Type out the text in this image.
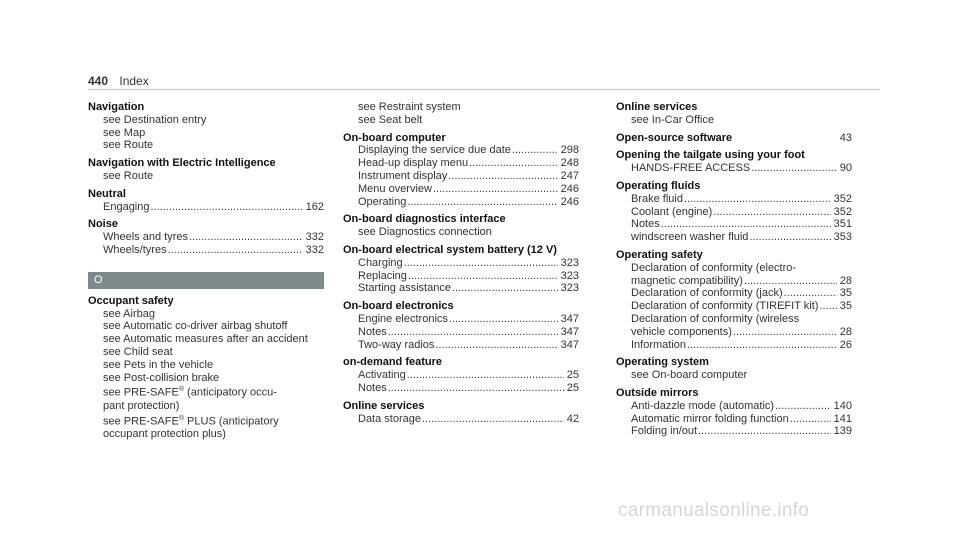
440 Index
Navigation
see Destination entry
see Map
see Route
Navigation with Electric Intelligence
see Route
Neutral
Engaging .....	162
Noise
Wheels and tyres .....	332
Wheels/tyres .....	332
O
Occupant safety
see Airbag
see Automatic co-driver airbag shutoff
see Automatic measures after an accident
see Child seat
see Pets in the vehicle
see Post-collision brake
see PRE-SAFE® (anticipatory occu-
pant protection)
see PRE-SAFE® PLUS (anticipatory
occupant protection plus)
see Restraint system
see Seat belt
On-board computer
Displaying the service due date .....	298
Head-up display menu .....	248
Instrument display .....	247
Menu overview .....	246
Operating .....	246
On-board diagnostics interface
see Diagnostics connection
On-board electrical system battery (12 V)
Charging .....	323
Replacing .....	323
Starting assistance .....	323
On-board electronics
Engine electronics .....	347
Notes .....	347
Two-way radios .....	347
on-demand feature
Activating .....	25
Notes .....	25
Online services
Data storage .....	42
Online services
see In-Car Office
Open-source software	43
Opening the tailgate using your foot
HANDS-FREE ACCESS .....	90
Operating fluids
Brake fluid .....	352
Coolant (engine) .....	352
Notes .....	351
windscreen washer fluid .....	353
Operating safety
Declaration of conformity (electro-
magnetic compatibility) .....	28
Declaration of conformity (jack) .....	35
Declaration of conformity (TIREFIT kit) ..... 35
Declaration of conformity (wireless
vehicle components) .....	28
Information .....	26
Operating system
see On-board computer
Outside mirrors
Anti-dazzle mode (automatic) .....	140
Automatic mirror folding function .....	141
Folding in/out .....	139
carmanualsonline.info
